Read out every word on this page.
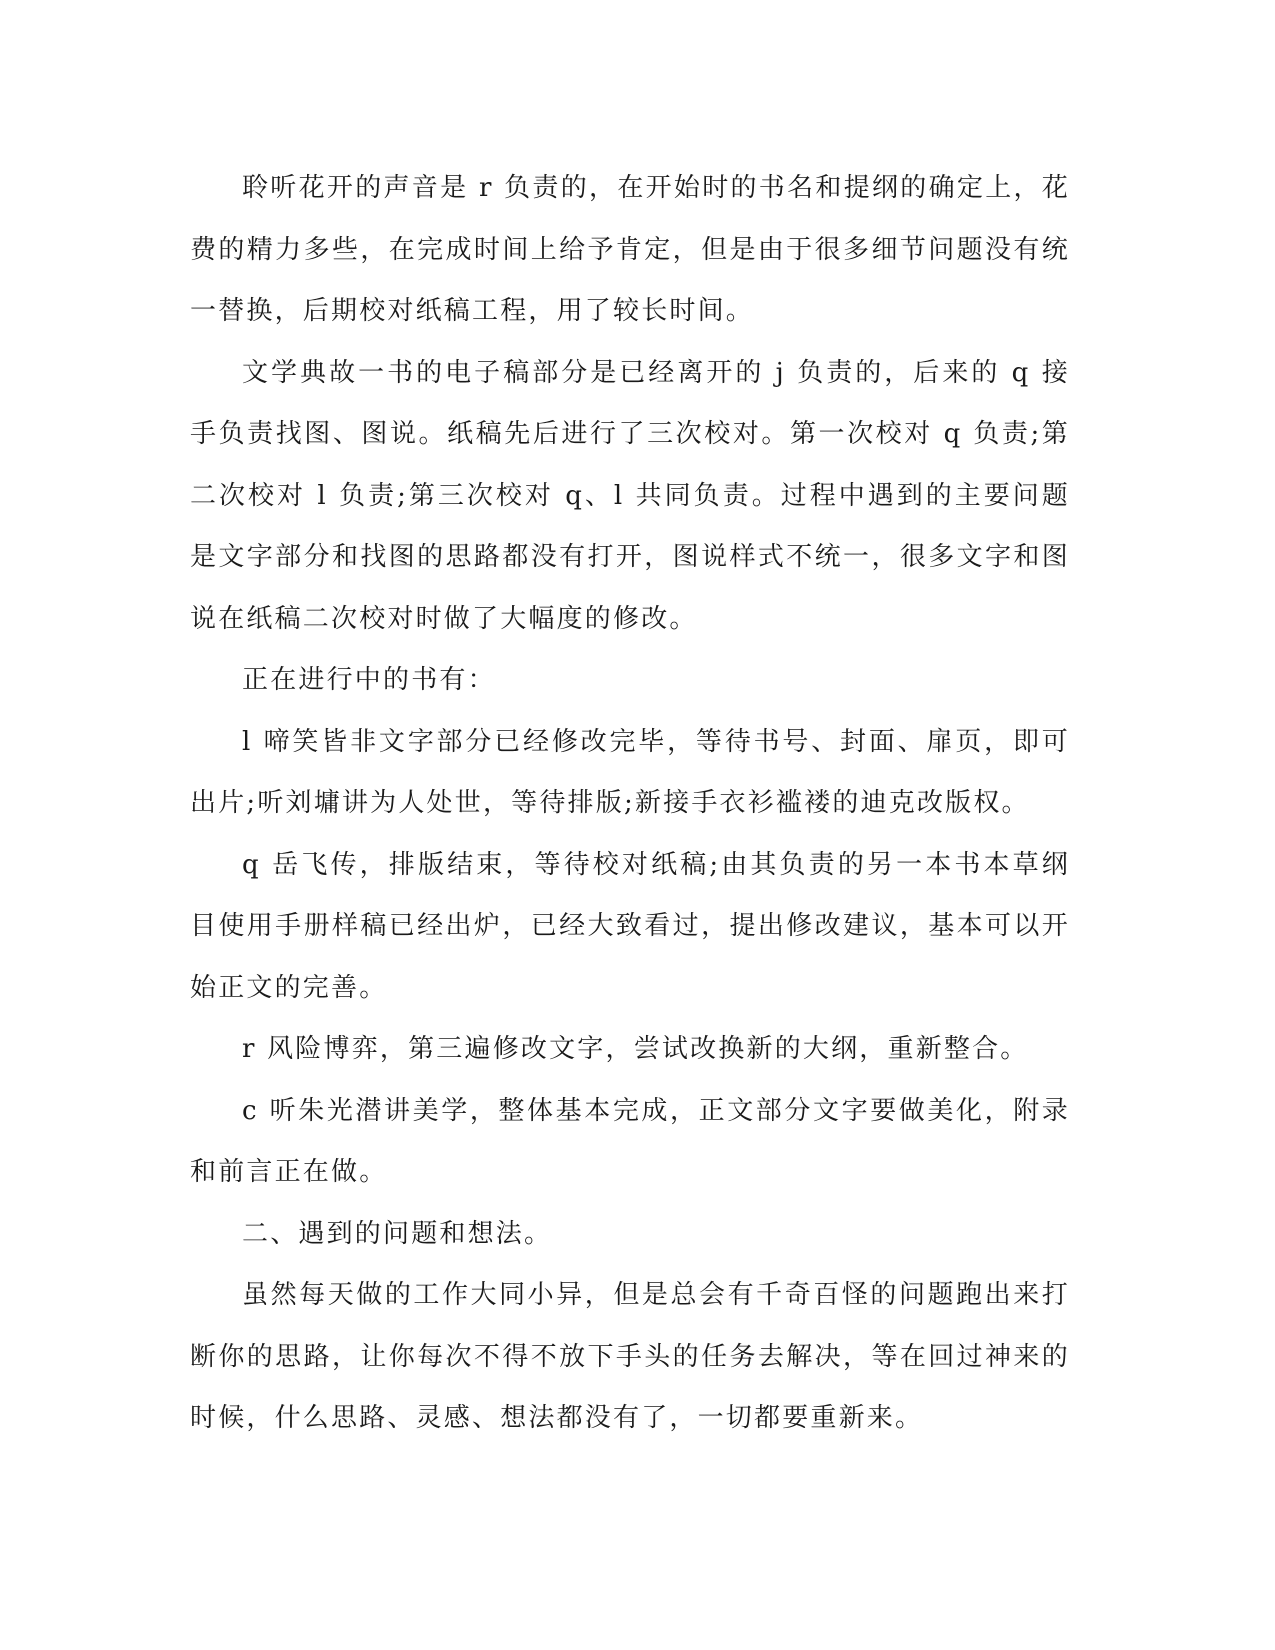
聆听花开的声音是 r 负责的，在开始时的书名和提纲的确定上，花费的精力多些，在完成时间上给予肯定，但是由于很多细节问题没有统一替换，后期校对纸稿工程，用了较长时间。

文学典故一书的电子稿部分是已经离开的 j 负责的，后来的 q 接手负责找图、图说。纸稿先后进行了三次校对。第一次校对 q 负责;第二次校对 l 负责;第三次校对 q、l 共同负责。过程中遇到的主要问题是文字部分和找图的思路都没有打开，图说样式不统一，很多文字和图说在纸稿二次校对时做了大幅度的修改。

正在进行中的书有：

l 啼笑皆非文字部分已经修改完毕，等待书号、封面、扉页，即可出片;听刘墉讲为人处世，等待排版;新接手衣衫褴褛的迪克改版权。

q 岳飞传，排版结束，等待校对纸稿;由其负责的另一本书本草纲目使用手册样稿已经出炉，已经大致看过，提出修改建议，基本可以开始正文的完善。

r 风险博弈，第三遍修改文字，尝试改换新的大纲，重新整合。

c 听朱光潜讲美学，整体基本完成，正文部分文字要做美化，附录和前言正在做。

二、遇到的问题和想法。

虽然每天做的工作大同小异，但是总会有千奇百怪的问题跑出来打断你的思路，让你每次不得不放下手头的任务去解决，等在回过神来的时候，什么思路、灵感、想法都没有了，一切都要重新来。
